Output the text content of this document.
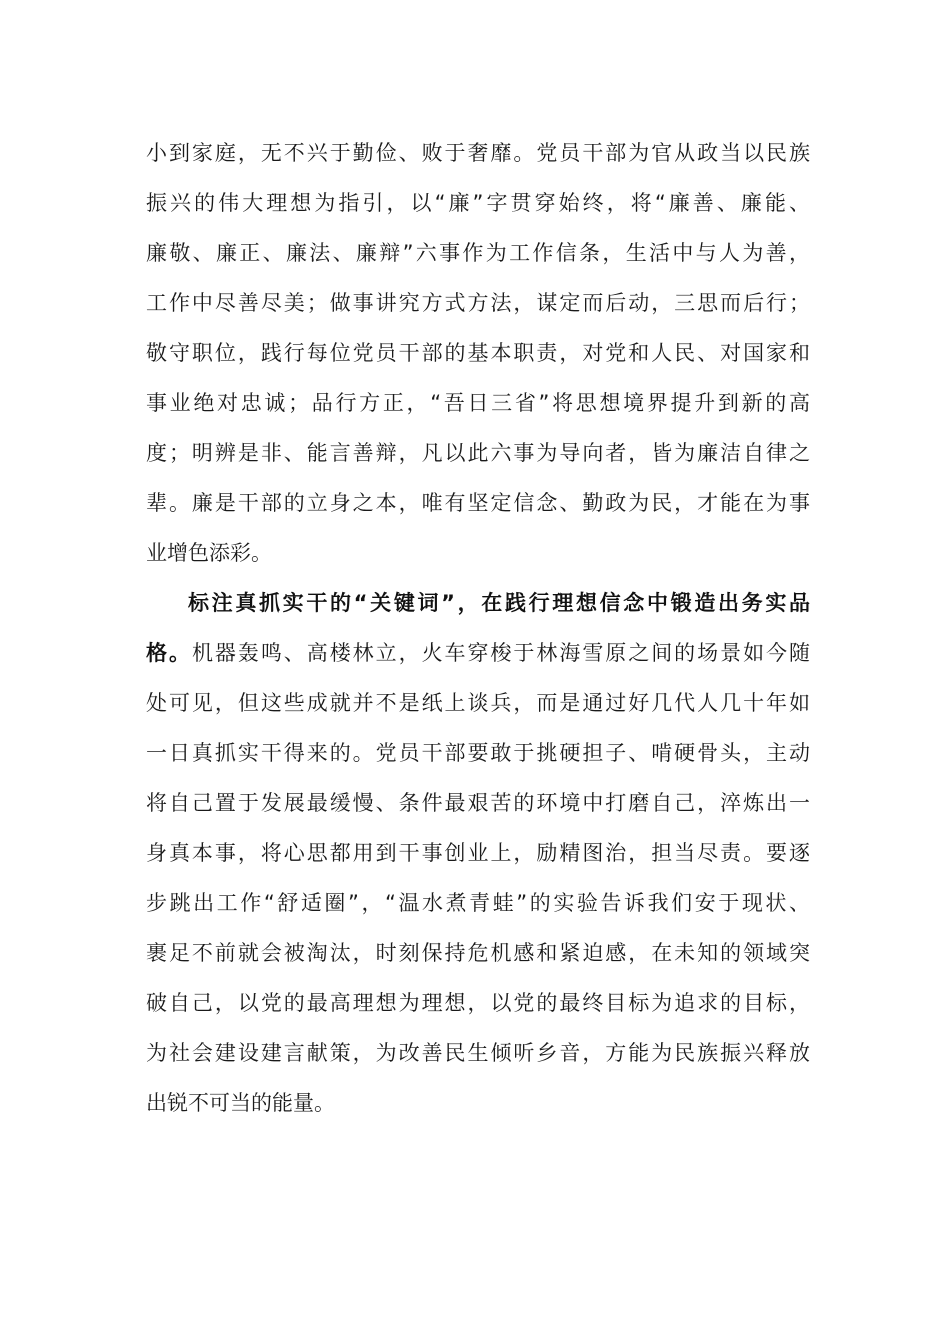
小到家庭，无不兴于勤俭、败于奢靡。党员干部为官从政当以民族
振兴的伟大理想为指引，以“廉”字贯穿始终，将“廉善、廉能、
廉敬、廉正、廉法、廉辩”六事作为工作信条，生活中与人为善，
工作中尽善尽美；做事讲究方式方法，谋定而后动，三思而后行；
敬守职位，践行每位党员干部的基本职责，对党和人民、对国家和
事业绝对忠诚；品行方正，“吾日三省”将思想境界提升到新的高
度；明辨是非、能言善辩，凡以此六事为导向者，皆为廉洁自律之
辈。廉是干部的立身之本，唯有坚定信念、勤政为民，才能在为事
业增色添彩。
标注真抓实干的“关键词”，在践行理想信念中锻造出务实品
格。机器轰鸣、高楼林立，火车穿梭于林海雪原之间的场景如今随
处可见，但这些成就并不是纸上谈兵，而是通过好几代人几十年如
一日真抓实干得来的。党员干部要敢于挑硬担子、啃硬骨头，主动
将自己置于发展最缓慢、条件最艰苦的环境中打磨自己，淬炼出一
身真本事，将心思都用到干事创业上，励精图治，担当尽责。要逐
步跳出工作“舒适圈”，“温水煮青蛙”的实验告诉我们安于现状、
裹足不前就会被淘汰，时刻保持危机感和紧迫感，在未知的领域突
破自己，以党的最高理想为理想，以党的最终目标为追求的目标，
为社会建设建言献策，为改善民生倾听乡音，方能为民族振兴释放
出锐不可当的能量。
